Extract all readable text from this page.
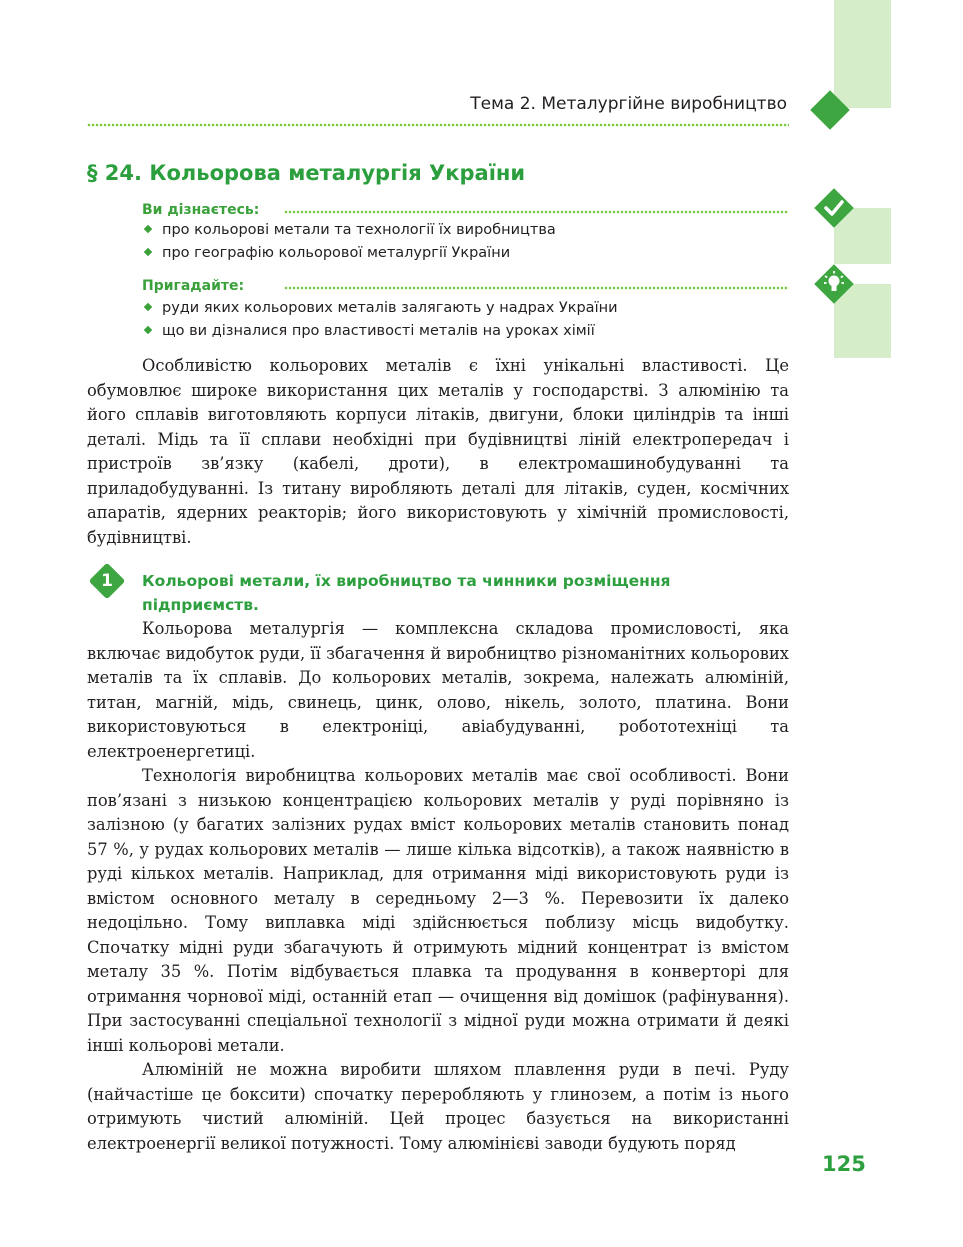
Тема 2. Металургійне виробництво
§ 24. Кольорова металургія України
Ви дізнаєтесь:
про кольорові метали та технології їх виробництва
про географію кольорової металургії України
Пригадайте:
руди яких кольорових металів залягають у надрах України
що ви дізналися про властивості металів на уроках хімії

Особливістю кольорових металів є їхні унікальні властивості. Це обумовлює широке використання цих металів у господарстві. З алюмінію та його сплавів виготовляють корпуси літаків, двигуни, блоки циліндрів та інші деталі. Мідь та її сплави необхідні при будівництві ліній електропередач і пристроїв зв’язку (кабелі, дроти), в електромашинобудуванні та приладобудуванні. Із титану виробляють деталі для літаків, суден, космічних апаратів, ядерних реакторів; його використовують у хімічній промисловості, будівництві.

1	Кольорові метали, їх виробництво та чинники розміщення підприємств.

Кольорова металургія — комплексна складова промисловості, яка включає видобуток руди, її збагачення й виробництво різноманітних кольорових металів та їх сплавів. До кольорових металів, зокрема, належать алюміній, титан, магній, мідь, свинець, цинк, олово, нікель, золото, платина. Вони використовуються в електроніці, авіабудуванні, робототехніці та електроенергетиці.

Технологія виробництва кольорових металів має свої особливості. Вони пов’язані з низькою концентрацією кольорових металів у руді порівняно із залізною (у багатих залізних рудах вміст кольорових металів становить понад 57 %, у рудах кольорових металів — лише кілька відсотків), а також наявністю в руді кількох металів. Наприклад, для отримання міді використовують руди із вмістом основного металу в середньому 2—3 %. Перевозити їх далеко недоцільно. Тому виплавка міді здійснюється поблизу місць видобутку. Спочатку мідні руди збагачують й отримують мідний концентрат із вмістом металу 35 %. Потім відбувається плавка та продування в конверторі для отримання чорнової міді, останній етап — очищення від домішок (рафінування). При застосуванні спеціальної технології з мідної руди можна отримати й деякі інші кольорові метали.

Алюміній не можна виробити шляхом плавлення руди в печі. Руду (найчастіше це боксити) спочатку переробляють у глинозем, а потім із нього отримують чистий алюміній. Цей процес базується на використанні електроенергії великої потужності. Тому алюмінієві заводи будують поряд

125
